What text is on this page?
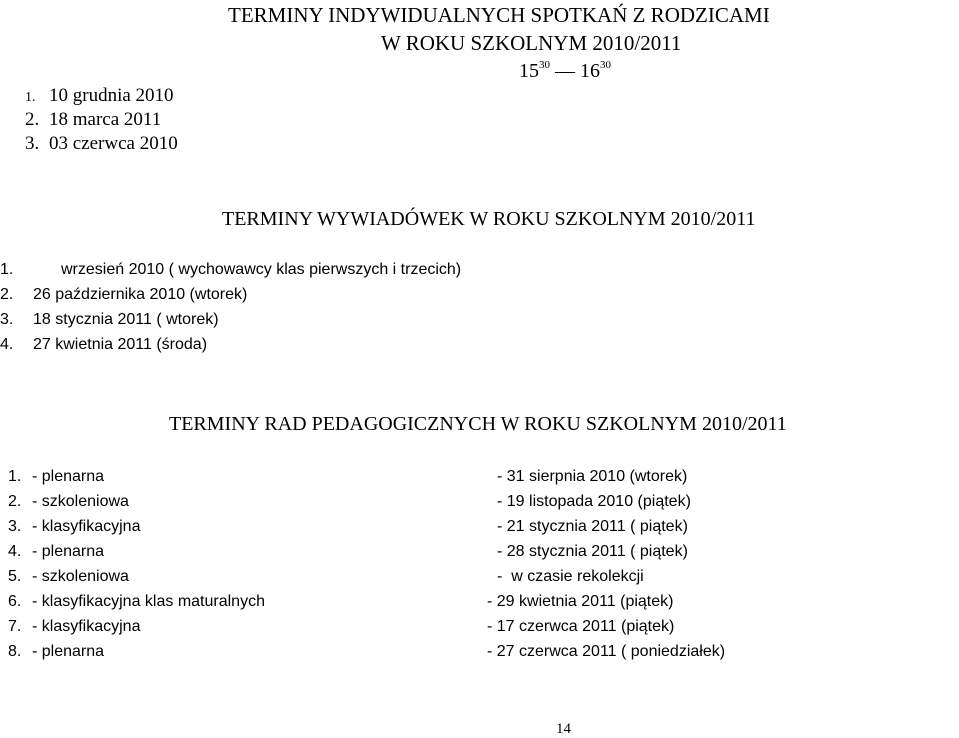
TERMINY INDYWIDUALNYCH SPOTKAŃ Z RODZICAMI
W ROKU SZKOLNYM 2010/2011
$15^{30}$ — $16^{30}$
1. 10 grudnia 2010
2. 18 marca 2011
3. 03 czerwca 2010
TERMINY WYWIADÓWEK W ROKU SZKOLNYM 2010/2011
1.	wrzesień 2010 ( wychowawcy klas pierwszych i trzecich)
2. 26 października 2010 (wtorek)
3. 18 stycznia 2011 ( wtorek)
4. 27 kwietnia 2011 (środa)
TERMINY RAD PEDAGOGICZNYCH W ROKU SZKOLNYM 2010/2011
1. - plenarna	- 31 sierpnia 2010 (wtorek)
2. - szkoleniowa	- 19 listopada 2010 (piątek)
3. - klasyfikacyjna	- 21 stycznia 2011 ( piątek)
4. - plenarna	- 28 stycznia 2011 ( piątek)
5. - szkoleniowa	-  w czasie rekolekcji
6. - klasyfikacyjna klas maturalnych	- 29 kwietnia 2011 (piątek)
7. - klasyfikacyjna	- 17 czerwca 2011 (piątek)
8. - plenarna	- 27 czerwca 2011 ( poniedziałek)
14
